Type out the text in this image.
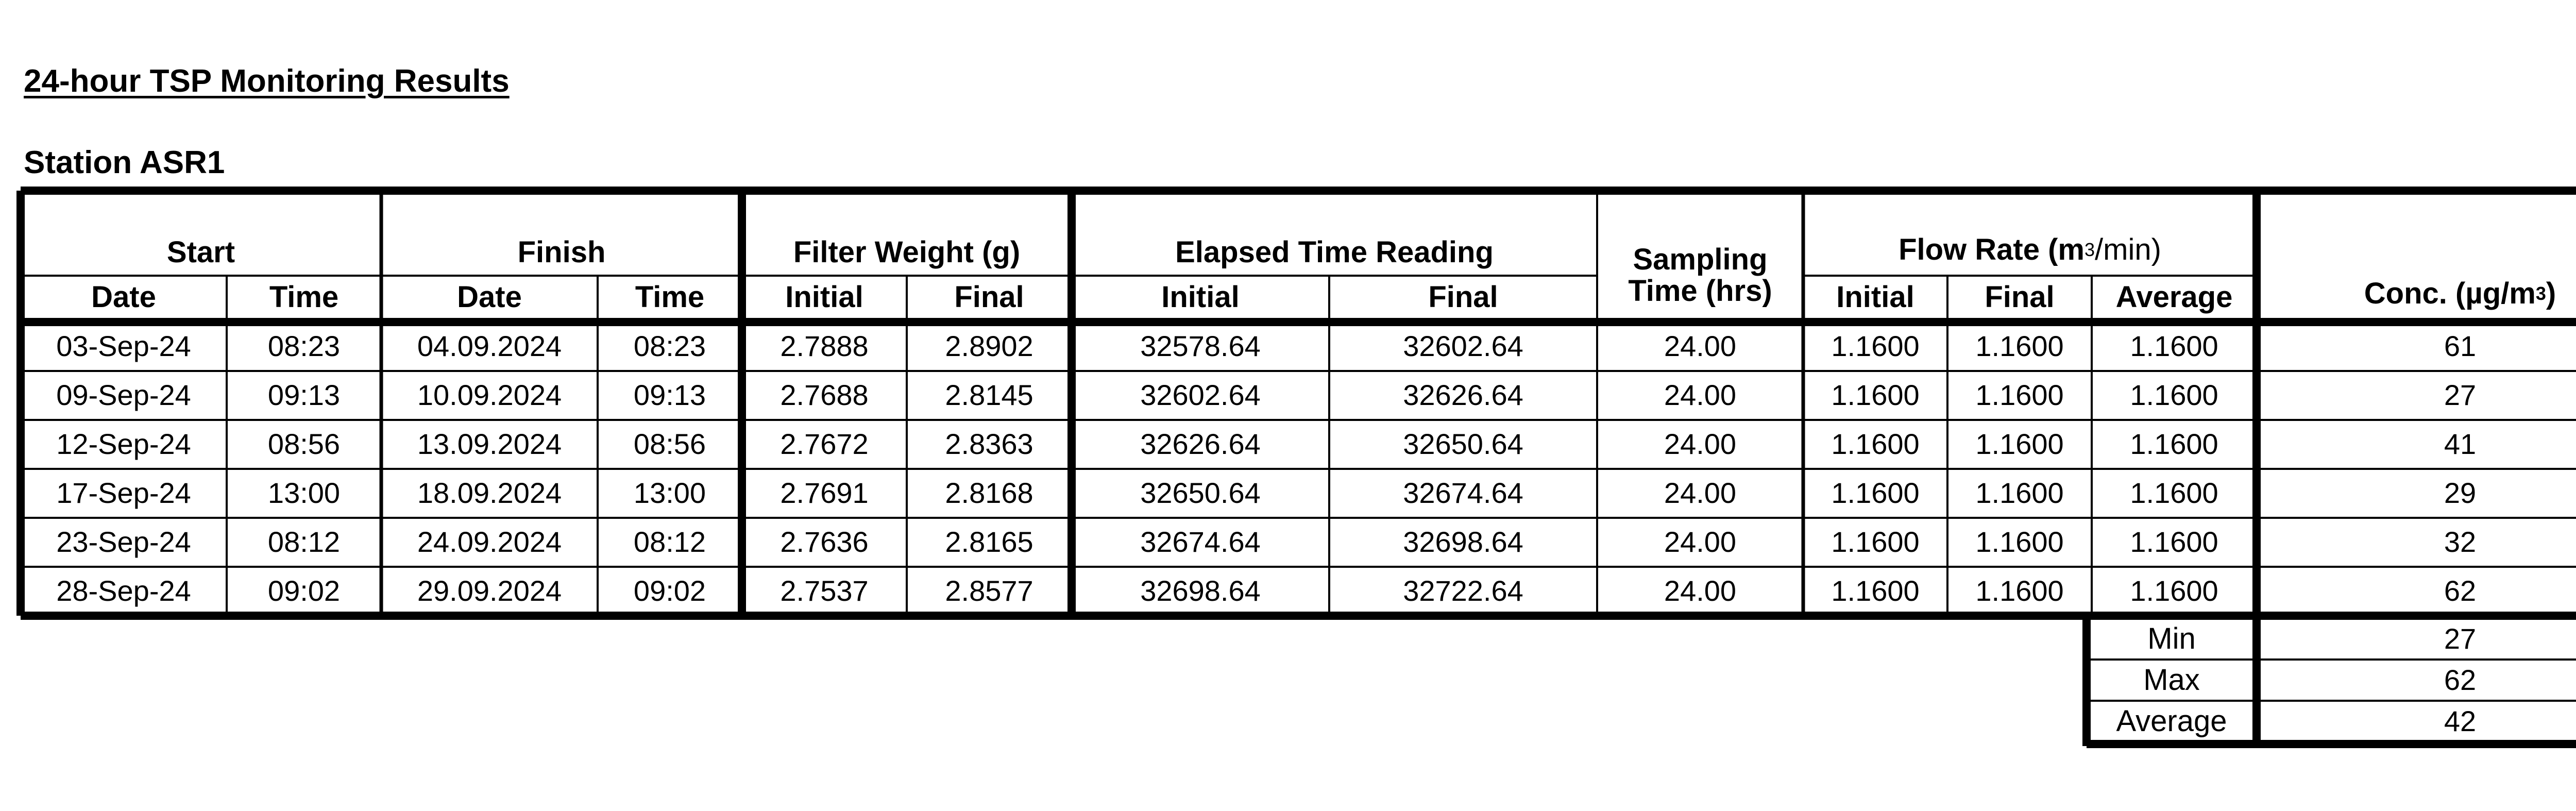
24-hour TSP Monitoring Results
Station ASR1
Start	Finish	Filter Weight (g)	Elapsed Time Reading	Sampling
Time (hrs)
Flow Rate (m 3 /min)
Conc. (µg/m 3 )
Date	Time	Date	Time	Initial	Final	Initial	Final	Initial	Final	Average
03-Sep-24	08:23	04.09.2024	08:23	2.7888	2.8902	32578.64	32602.64	24.00	1.1600	1.1600	1.1600	61
09-Sep-24	09:13	10.09.2024	09:13	2.7688	2.8145	32602.64	32626.64	24.00	1.1600	1.1600	1.1600	27
12-Sep-24	08:56	13.09.2024	08:56	2.7672	2.8363	32626.64	32650.64	24.00	1.1600	1.1600	1.1600	41
17-Sep-24	13:00	18.09.2024	13:00	2.7691	2.8168	32650.64	32674.64	24.00	1.1600	1.1600	1.1600	29
23-Sep-24	08:12	24.09.2024	08:12	2.7636	2.8165	32674.64	32698.64	24.00	1.1600	1.1600	1.1600	32
28-Sep-24	09:02	29.09.2024	09:02	2.7537	2.8577	32698.64	32722.64	24.00	1.1600	1.1600	1.1600	62
Min	27
Max	62
Average	42
